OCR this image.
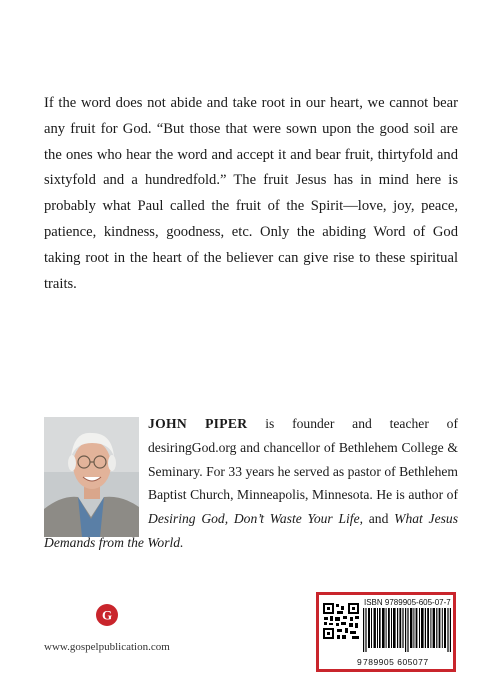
If the word does not abide and take root in our heart, we cannot bear any fruit for God. “But those that were sown upon the good soil are the ones who hear the word and accept it and bear fruit, thirtyfold and sixtyfold and a hundredfold.” The fruit Jesus has in mind here is probably what Paul called the fruit of the Spirit—love, joy, peace, patience, kindness, goodness, etc. Only the abiding Word of God taking root in the heart of the believer can give rise to these spiritual traits.

JOHN PIPER is founder and teacher of desiringGod.org and chancellor of Bethlehem College & Seminary. For 33 years he served as pastor of Bethlehem Baptist Church, Minneapolis, Minnesota. He is author of Desiring God, Don’t Waste Your Life, and What Jesus Demands from the World.

G
www.gospelpublication.com
ISBN 9789905-605-07-7
9 789905 605077
